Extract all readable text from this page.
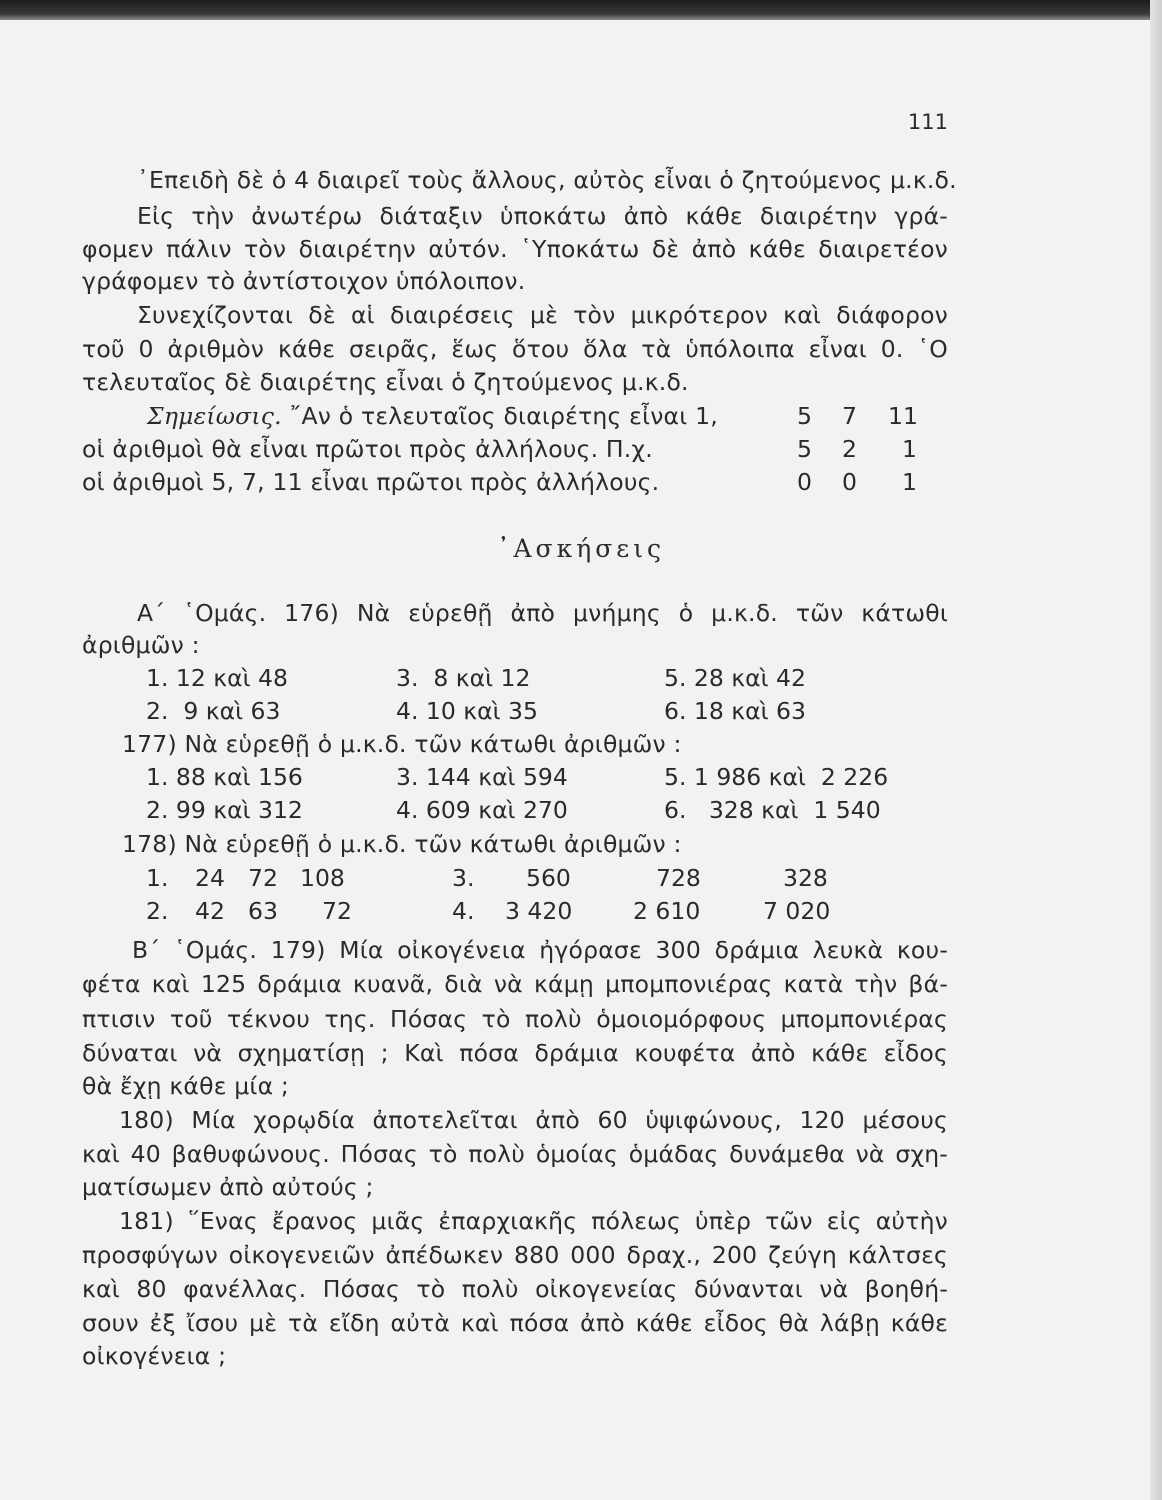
111
᾿Επειδὴ δὲ ὁ 4 διαιρεῖ τοὺς ἄλλους, αὐτὸς εἶναι ὁ ζητούμενος μ.κ.δ.
Εἰς τὴν ἀνωτέρω διάταξιν ὑποκάτω ἀπὸ κάθε διαιρέτην γρά-
φομεν πάλιν τὸν διαιρέτην αὐτόν. ῾Υποκάτω δὲ ἀπὸ κάθε διαιρετέον
γράφομεν τὸ ἀντίστοιχον ὑπόλοιπον.
Συνεχίζονται δὲ αἱ διαιρέσεις μὲ τὸν μικρότερον καὶ διάφορον
τοῦ 0 ἀριθμὸν κάθε σειρᾶς, ἕως ὅτου ὅλα τὰ ὑπόλοιπα εἶναι 0. ῾Ο
τελευταῖος δὲ διαιρέτης εἶναι ὁ ζητούμενος μ.κ.δ.
Σημείωσις. ῎Αν ὁ τελευταῖος διαιρέτης εἶναι 1,
οἱ ἀριθμοὶ θὰ εἶναι πρῶτοι πρὸς ἀλλήλους. Π.χ.
οἱ ἀριθμοὶ 5, 7, 11 εἶναι πρῶτοι πρὸς ἀλλήλους.
5 7 11
5 2 1
0 0 1
᾿Ασκήσεις
Α΄ ῾Ομάς. 176) Νὰ εὑρεθῇ ἀπὸ μνήμης ὁ μ.κ.δ. τῶν κάτωθι
ἀριθμῶν :
1. 12 καὶ 48	3.  8 καὶ 12	5. 28 καὶ 42
2.  9 καὶ 63	4. 10 καὶ 35	6. 18 καὶ 63
177) Νὰ εὑρεθῇ ὁ μ.κ.δ. τῶν κάτωθι ἀριθμῶν :
1. 88 καὶ 156	3. 144 καὶ 594	5. 1 986 καὶ  2 226
2. 99 καὶ 312	4. 609 καὶ 270	6.   328 καὶ  1 540
178) Νὰ εὑρεθῇ ὁ μ.κ.δ. τῶν κάτωθι ἀριθμῶν :
1. 24 72 108	3. 560	728	328
2. 42 63 72	4. 3 420	2 610	7 020
Β΄ ῾Ομάς. 179) Μία οἰκογένεια ἠγόρασε 300 δράμια λευκὰ κου-
φέτα καὶ 125 δράμια κυανᾶ, διὰ νὰ κάμῃ μπομπονιέρας κατὰ τὴν βά-
πτισιν τοῦ τέκνου της. Πόσας τὸ πολὺ ὁμοιομόρφους μπομπονιέρας
δύναται νὰ σχηματίσῃ ; Καὶ πόσα δράμια κουφέτα ἀπὸ κάθε εἶδος
θὰ ἔχῃ κάθε μία ;
180) Μία χορῳδία ἀποτελεῖται ἀπὸ 60 ὑψιφώνους, 120 μέσους
καὶ 40 βαθυφώνους. Πόσας τὸ πολὺ ὁμοίας ὁμάδας δυνάμεθα νὰ σχη-
ματίσωμεν ἀπὸ αὐτούς ;
181) ῞Ενας ἔρανος μιᾶς ἐπαρχιακῆς πόλεως ὑπὲρ τῶν εἰς αὐτὴν
προσφύγων οἰκογενειῶν ἀπέδωκεν 880 000 δραχ., 200 ζεύγη κάλτσες
καὶ 80 φανέλλας. Πόσας τὸ πολὺ οἰκογενείας δύνανται νὰ βοηθή-
σουν ἐξ ἴσου μὲ τὰ εἴδη αὐτὰ καὶ πόσα ἀπὸ κάθε εἶδος θὰ λάβῃ κάθε
οἰκογένεια ;
